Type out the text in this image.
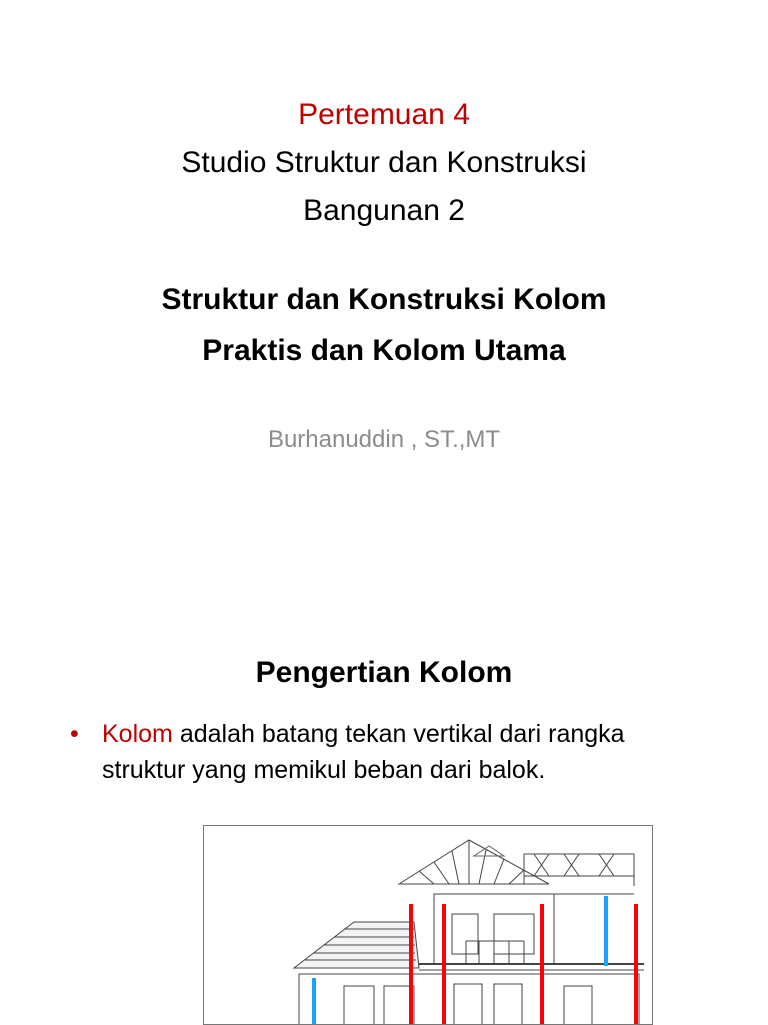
Pertemuan 4
Studio Struktur dan Konstruksi
Bangunan 2
Struktur dan Konstruksi Kolom
Praktis dan Kolom Utama
Burhanuddin , ST.,MT
Pengertian Kolom
• Kolom adalah batang tekan vertikal dari rangka struktur yang memikul beban dari balok.
